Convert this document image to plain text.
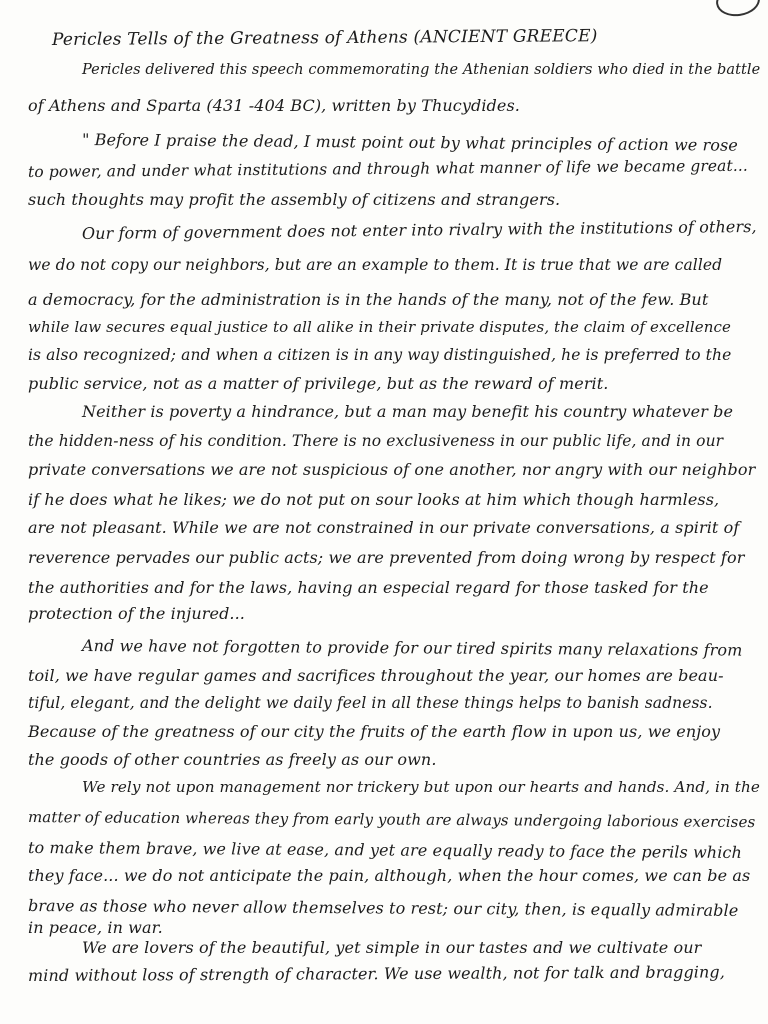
Pericles Tells of the Greatness of Athens (ANCIENT GREECE)
Pericles delivered this speech commemorating the Athenian soldiers who died in the battle
of Athens and Sparta (431 -404 BC), written by Thucydides.
" Before I praise the dead, I must point out by what principles of action we rose
to power, and under what institutions and through what manner of life we became great...
such thoughts may profit the assembly of citizens and strangers.
Our form of government does not enter into rivalry with the institutions of others,
we do not copy our neighbors, but are an example to them. It is true that we are called
a democracy, for the administration is in the hands of the many, not of the few. But
while law secures equal justice to all alike in their private disputes, the claim of excellence
is also recognized; and when a citizen is in any way distinguished, he is preferred to the
public service, not as a matter of privilege, but as the reward of merit.
Neither is poverty a hindrance, but a man may benefit his country whatever be
the hidden-ness of his condition. There is no exclusiveness in our public life, and in our
private conversations we are not suspicious of one another, nor angry with our neighbor
if he does what he likes; we do not put on sour looks at him which though harmless,
are not pleasant. While we are not constrained in our private conversations, a spirit of
reverence pervades our public acts; we are prevented from doing wrong by respect for
the authorities and for the laws, having an especial regard for those tasked for the
protection of the injured...
And we have not forgotten to provide for our tired spirits many relaxations from
toil, we have regular games and sacrifices throughout the year, our homes are beau-
tiful, elegant, and the delight we daily feel in all these things helps to banish sadness.
Because of the greatness of our city the fruits of the earth flow in upon us, we enjoy
the goods of other countries as freely as our own.
We rely not upon management nor trickery but upon our hearts and hands. And, in the
matter of education whereas they from early youth are always undergoing laborious exercises
to make them brave, we live at ease, and yet are equally ready to face the perils which
they face... we do not anticipate the pain, although, when the hour comes, we can be as
brave as those who never allow themselves to rest; our city, then, is equally admirable
in peace, in war.
We are lovers of the beautiful, yet simple in our tastes and we cultivate our
mind without loss of strength of character. We use wealth, not for talk and bragging,
